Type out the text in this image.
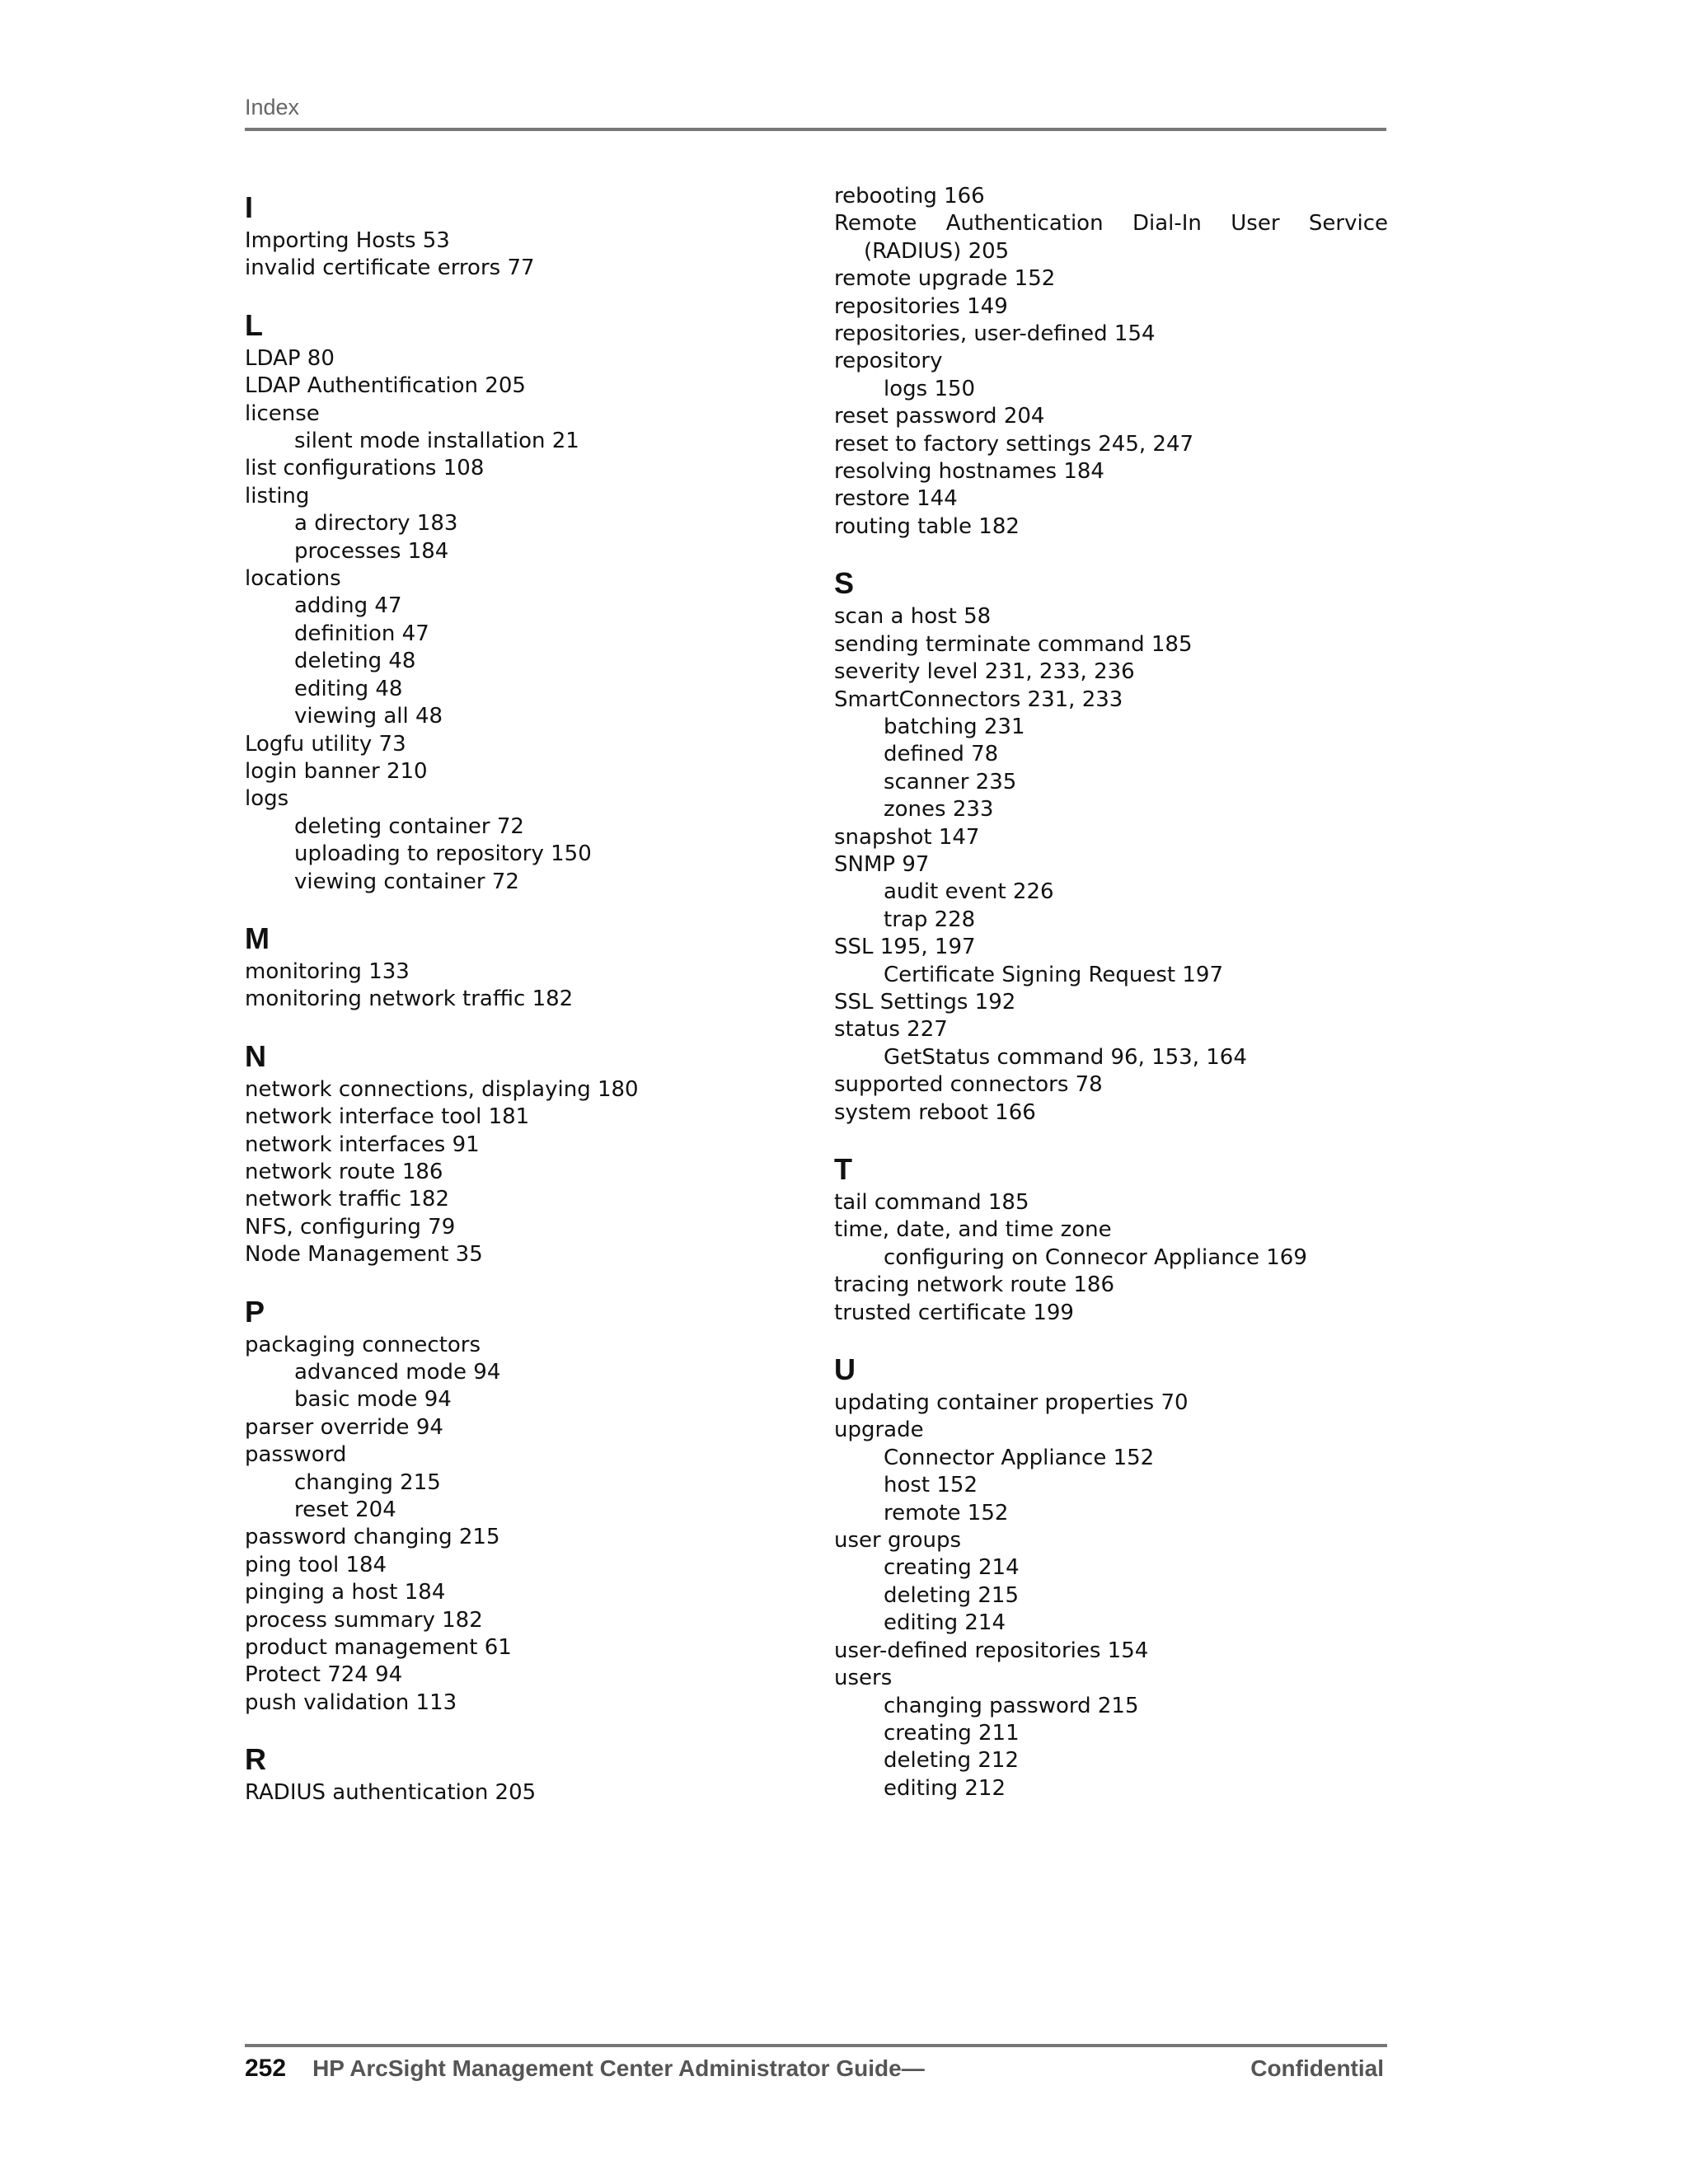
Index
I
Importing Hosts 53
invalid certificate errors 77
L
LDAP 80
LDAP Authentification 205
license
silent mode installation 21
list configurations 108
listing
a directory 183
processes 184
locations
adding 47
definition 47
deleting 48
editing 48
viewing all 48
Logfu utility 73
login banner 210
logs
deleting container 72
uploading to repository 150
viewing container 72
M
monitoring 133
monitoring network traffic 182
N
network connections, displaying 180
network interface tool 181
network interfaces 91
network route 186
network traffic 182
NFS, configuring 79
Node Management 35
P
packaging connectors
advanced mode 94
basic mode 94
parser override 94
password
changing 215
reset 204
password changing 215
ping tool 184
pinging a host 184
process summary 182
product management 61
Protect 724 94
push validation 113
R
RADIUS authentication 205
rebooting 166
Remote Authentication Dial-In User Service (RADIUS) 205
remote upgrade 152
repositories 149
repositories, user-defined 154
repository
logs 150
reset password 204
reset to factory settings 245, 247
resolving hostnames 184
restore 144
routing table 182
S
scan a host 58
sending terminate command 185
severity level 231, 233, 236
SmartConnectors 231, 233
batching 231
defined 78
scanner 235
zones 233
snapshot 147
SNMP 97
audit event 226
trap 228
SSL 195, 197
Certificate Signing Request 197
SSL Settings 192
status 227
GetStatus command 96, 153, 164
supported connectors 78
system reboot 166
T
tail command 185
time, date, and time zone
configuring on Connecor Appliance 169
tracing network route 186
trusted certificate 199
U
updating container properties 70
upgrade
Connector Appliance 152
host 152
remote 152
user groups
creating 214
deleting 215
editing 214
user-defined repositories 154
users
changing password 215
creating 211
deleting 212
editing 212
252 HP ArcSight Management Center Administrator Guide—	Confidential
